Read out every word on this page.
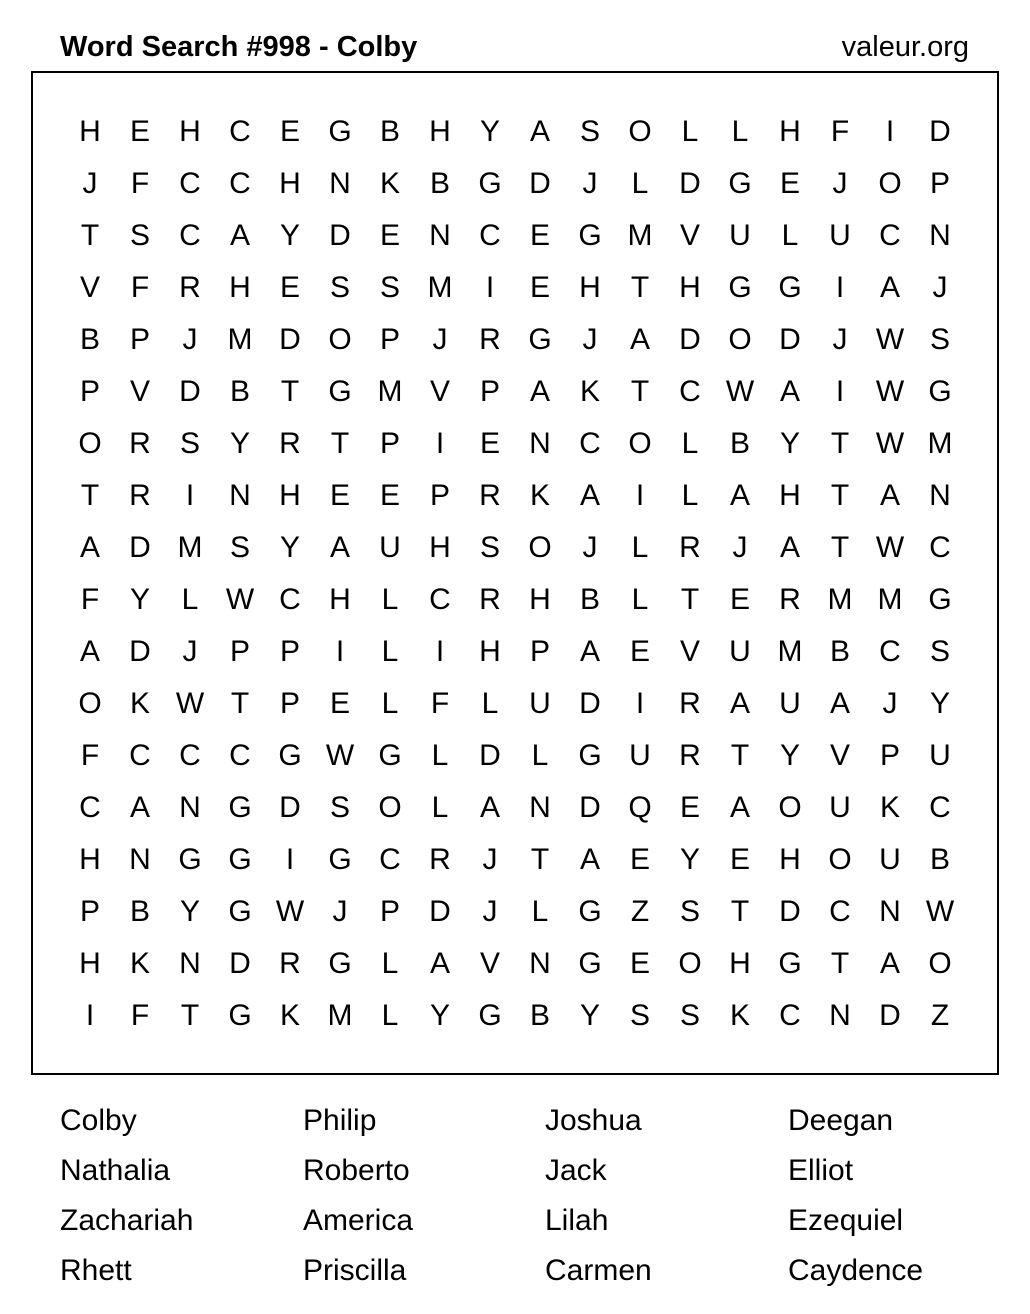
Word Search #998 - Colby	valeur.org
H E H C E G B H Y A S O L	L	H	F	I	D
J	F	C C H N K B G D	J	L	D G E	J	O P
T	S C A Y D E N C E G M V U	L	U C N
V	F	R H E S S M	I	E H	T	H G G	I	A	J
B P	J	M D O P	J	R G	J	A D O D	J W S
P V D B	T G M V P A K	T	C W A	I	W G
O R S Y R	T	P	I	E N C O L	B Y	T W M
T	R	I	N H E E P R K A	I	L	A H	T	A N
A D M S Y A U H S O	J	L	R	J	A	T W C
F	Y	L W C H	L	C R H B	L	T	E R M M G
A D	J	P P	I	L	I	H P A E V U M B C S
O K W T	P E	L	F	L	U D	I	R A U A	J	Y
F	C C C G W G L	D	L G U R	T	Y V P U
C A N G D S O L	A N D Q E A O U K C
H N G G	I	G C R	J	T	A E Y E H O U B
P B Y G W J	P D	J	L G Z	S	T	D C N W
H K N D R G L	A V N G E O H G T	A O
I	F	T G K M L	Y G B Y S S K C N D	Z
Colby	Philip	Joshua	Deegan
Nathalia	Roberto	Jack	Elliot
Zachariah	America	Lilah	Ezequiel
Rhett	Priscilla	Carmen	Caydence
